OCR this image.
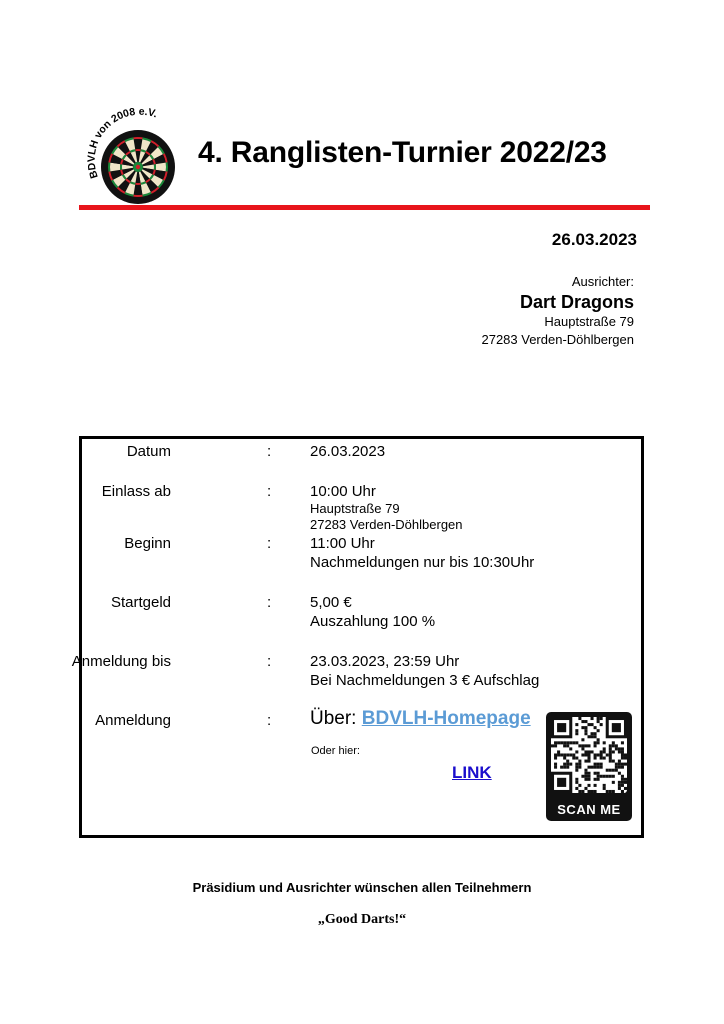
BDVLH von 2008 e.V.
4. Ranglisten-Turnier 2022/23
26.03.2023
Ausrichter:
Dart Dragons
Hauptstraße 79
27283 Verden-Döhlbergen
Datum	:	26.03.2023
Einlass ab	:	10:00 Uhr
Hauptstraße 79
27283 Verden-Döhlbergen
Beginn	:	11:00 Uhr
Nachmeldungen nur bis 10:30Uhr
Startgeld	:	5,00 €
Auszahlung 100 %
Anmeldung bis	:	23.03.2023, 23:59 Uhr
Bei Nachmeldungen 3 € Aufschlag
Anmeldung	: Über: BDVLH-Homepage
Oder hier:
LINK
SCAN ME
Präsidium und Ausrichter wünschen allen Teilnehmern
„Good Darts!“
